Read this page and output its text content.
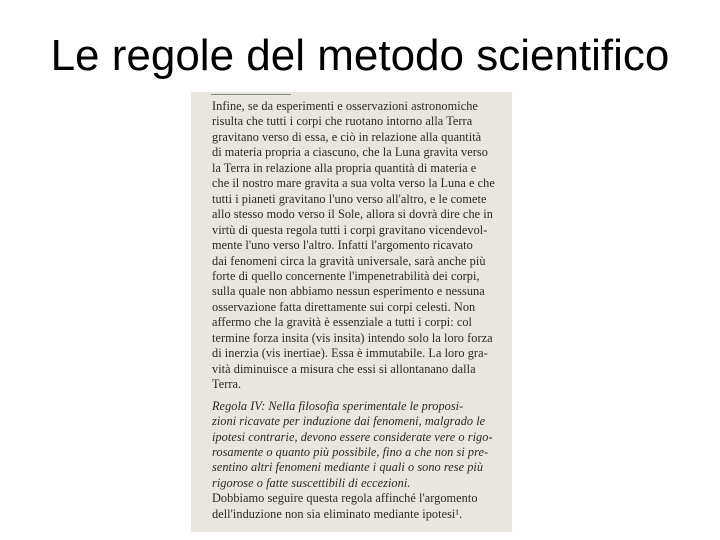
Le regole del metodo scientifico
Infine, se da esperimenti e osservazioni astronomiche
risulta che tutti i corpi che ruotano intorno alla Terra
gravitano verso di essa, e ciò in relazione alla quantità
di materia propria a ciascuno, che la Luna gravita verso
la Terra in relazione alla propria quantità di materia e
che il nostro mare gravita a sua volta verso la Luna e che
tutti i pianeti gravitano l'uno verso all'altro, e le comete
allo stesso modo verso il Sole, allora si dovrà dire che in
virtù di questa regola tutti i corpi gravitano vicendevol-
mente l'uno verso l'altro. Infatti l'argomento ricavato
dai fenomeni circa la gravità universale, sarà anche più
forte di quello concernente l'impenetrabilità dei corpi,
sulla quale non abbiamo nessun esperimento e nessuna
osservazione fatta direttamente sui corpi celesti. Non
affermo che la gravità è essenziale a tutti i corpi: col
termine forza insita (vis insita) intendo solo la loro forza
di inerzia (vis inertiae). Essa è immutabile. La loro gra-
vità diminuisce a misura che essi si allontanano dalla
Terra.
Regola IV: Nella filosofia sperimentale le proposi-
zioni ricavate per induzione dai fenomeni, malgrado le
ipotesi contrarie, devono essere considerate vere o rigo-
rosamente o quanto più possibile, fino a che non si pre-
sentino altri fenomeni mediante i quali o sono rese più
rigorose o fatte suscettibili di eccezioni.
Dobbiamo seguire questa regola affinché l'argomento
dell'induzione non sia eliminato mediante ipotesi¹.
